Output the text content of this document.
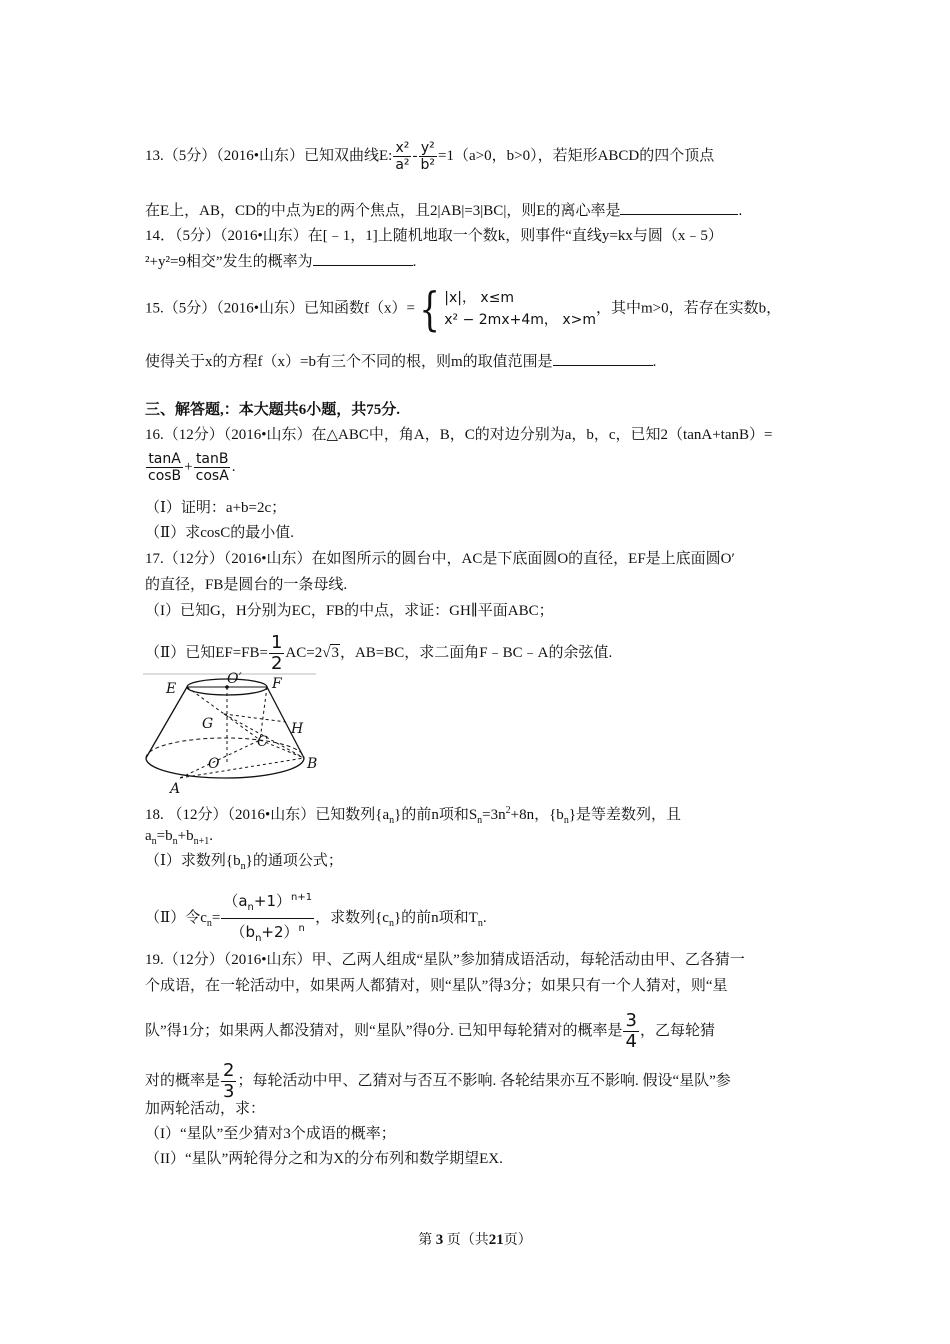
13.（5分）（2016•山东）已知双曲线E: $\frac{\text{x²}}{\text{a²}} - \frac{\text{y²}}{\text{b²}} =1(a>0$，b>0），若矩形ABCD的四个顶点
在E上，AB，CD的中点为E的两个焦点，且2|AB|=3|BC|，则E的离心率是	.
14．（5分）（2016•山东）在[﹣1，1]上随机地取一个数k，则事件“直线y=kx与圆（x﹣5）
²+y²=9相交”发生的概率为	.
15.（5分）（2016•山东）已知函数f（x）={ |x|， x≤m
x² − 2mx+4m， x>m
，其中m>0，若存在实数b，
使得关于x的方程f（x）=b有三个不同的根，则m的取值范围是	.
三、解答题,：本大题共6小题，共75分.
16.（12分）（2016•山东）在△ABC中，角A，B，C的对边分别为a，b，c，已知2（tanA+tanB）=
$\frac{\tan A}{\cos B} + \frac{\tan B}{\cos A}$ .
（Ⅰ）证明：a+b=2c；
（Ⅱ）求cosC的最小值.
17.（12分）（2016•山东）在如图所示的圆台中，AC是下底面圆O的直径，EF是上底面圆O′
的直径，FB是圆台的一条母线.
（I）已知G，H分别为EC，FB的中点，求证：GH∥平面ABC；
（Ⅱ）已知$EF=FB= \frac{1}{2} AC=2√3$，AB=BC，求二面角F﹣BC﹣A的余弦值.
E
O′ F
G	H
C
O	B
A
18. （12分）（2016•山东）已知数列$\{a_n\}$的前n项和$S_n=3n^2+8n$，$\{b_n\}$是等差数列，且
$a_n=b_n+b_{n+1}$.
（Ⅰ）求数列$\{b_n\}$的通项公式；
（Ⅱ）令$c_n= \frac{(a_n+1)^{n+1}}{(b_n+2)^n}$ ，求数列$\{c_n\}$的前n项和$T_n$.
19.（12分）（2016•山东）甲、乙两人组成“星队”参加猜成语活动，每轮活动由甲、乙各猜一
个成语，在一轮活动中，如果两人都猜对，则“星队”得3分；如果只有一个人猜对，则“星
队”得1分；如果两人都没猜对，则“星队”得0分. 已知甲每轮猜对的概率是 $\frac{3}{4}$ ，乙每轮猜
对的概率是 $\frac{2}{3}$ ；每轮活动中甲、乙猜对与否互不影响. 各轮结果亦互不影响. 假设“星队”参
加两轮活动，求：
（I）“星队”至少猜对3个成语的概率；
（II）“星队”两轮得分之和为X的分布列和数学期望EX.
第 3 页（共21页）
